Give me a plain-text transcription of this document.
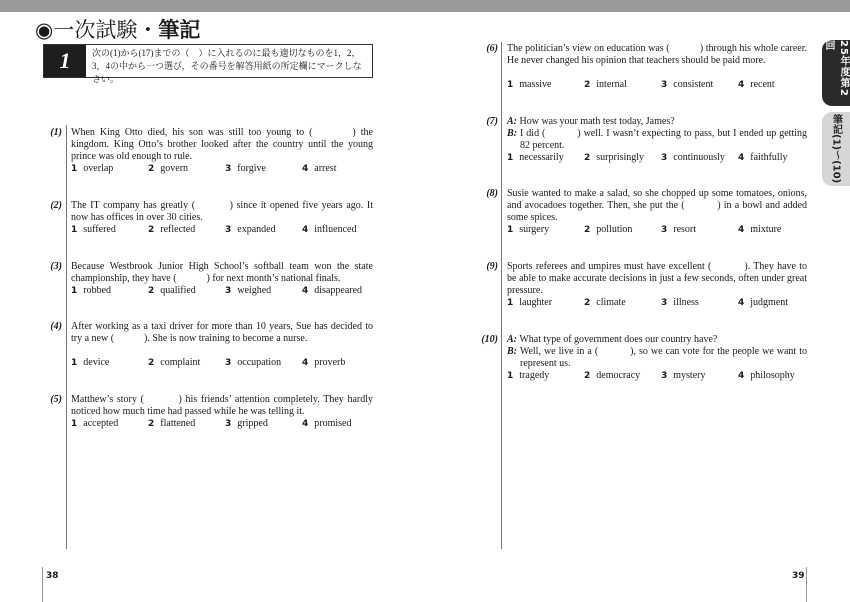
◉一次試験・筆記
1	次の(1)から(17)までの（　）に入れるのに最も適切なものを1，2，3，4の中から一つ選び，その番号を解答用紙の所定欄にマークしなさい。	25年度第2回
筆記(1)～(10)
(1) When King Otto died, his son was still too young to (　　　) the kingdom. King Otto’s brother looked after the country until the young prince was old enough to rule.
1 overlap	2 govern	3 forgive	4 arrest
(2) The IT company has greatly (　　　) since it opened five years ago. It now has offices in over 30 cities.
1 suffered	2 reflected	3 expanded	4 influenced
(3) Because Westbrook Junior High School’s softball team won the state championship, they have (　　　) for next month’s national finals.
1 robbed	2 qualified	3 weighed	4 disappeared
(4) After working as a taxi driver for more than 10 years, Sue has decided to try a new (　　　). She is now training to become a nurse.
1 device	2 complaint	3 occupation 4 proverb
(5) Matthew’s story (　　　) his friends’ attention completely. They hardly noticed how much time had passed while he was telling it.
1 accepted	2 flattened	3 gripped	4 promised
(6) The politician’s view on education was (　　　) through his whole career. He never changed his opinion that teachers should be paid more.
1 massive	2 internal	3 consistent	4 recent
(7) A: How was your math test today, James?
B: I did (　　　) well. I wasn’t expecting to pass, but I ended up getting 82 percent.
1 necessarily 2 surprisingly 3 continuously 4 faithfully
(8) Susie wanted to make a salad, so she chopped up some tomatoes, onions, and avocadoes together. Then, she put the (　　　) in a bowl and added some spices.
1 surgery	2 pollution	3 resort	4 mixture
(9) Sports referees and umpires must have excellent (　　　). They have to be able to make accurate decisions in just a few seconds, often under great pressure.
1 laughter	2 climate	3 illness	4 judgment
(10) A: What type of government does our country have?
B: Well, we live in a (　　　), so we can vote for the people we want to represent us.
1 tragedy	2 democracy 3 mystery	4 philosophy
38	39
